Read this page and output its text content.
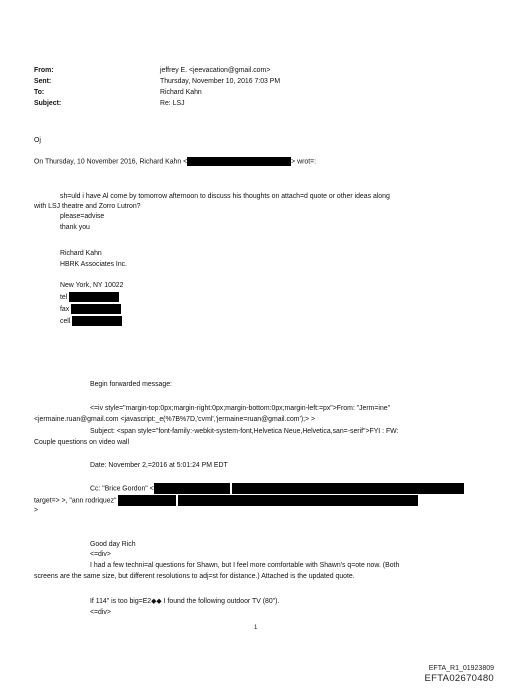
From:	jeffrey E. <jeevacation@gmail.com>
Sent:	Thursday, November 10, 2016 7:03 PM
To:	Richard Kahn
Subject:	Re: LSJ
Oj
On Thursday, 10 November 2016, Richard Kahn <	> wrot=:
sh=uld i have Al come by tomorrow afternoon to discuss his thoughts on attach=d quote or other ideas along
with LSJ theatre and Zorro Lutron?
please=advise
thank you
Richard Kahn
HBRK Associates Inc.
New York, NY 10022
tel
fax
cell
Begin forwarded message:
<=iv style="margin-top:0px;margin-right:0px;margin-bottom:0px;margin-left:=px">From: "Jerm=ine"
<jermaine.ruan@gmail.com <javascript:_e(%7B%7D,'cvml','jermaine=ruan@gmail.com');> >
Subject: <span style="font-family:-webkit-system-font,Helvetica Neue,Helvetica,san=-serif">FYI : FW:
Couple questions on video wall
Date: November 2,=2016 at 5:01:24 PM EDT
Cc: "Brice Gordon" <
target=> >, "ann rodriquez"
>
Good day Rich
<=div>
I had a few techni=al questions for Shawn, but I feel more comfortable with Shawn's q=ote now. (Both
screens are the same size, but different resolutions to adj=st for distance.) Attached is the updated quote.
If 114" is too big=E2◆◆ I found the following outdoor TV (80").
<=div>
1
EFTA_R1_01923809
EFTA02670480
